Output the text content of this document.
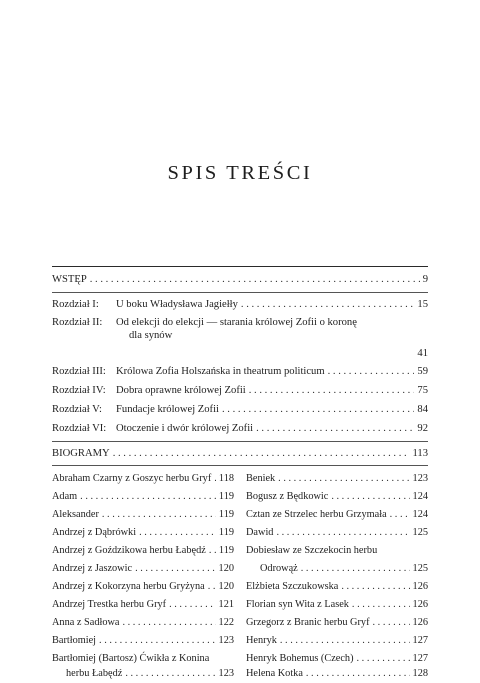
SPIS TREŚCI
WSTĘP . . .	9
Rozdział I:	U boku Władysława Jagiełły . . .	15
Rozdział II:	Od elekcji do elekcji — starania królowej Zofii o koronę
dla synów
41
Rozdział III: Królowa Zofia Holszańska in theatrum politicum . . .	59
Rozdział IV: Dobra oprawne królowej Zofii . . .	75
Rozdział V:	Fundacje królowej Zofii . . .	84
Rozdział VI: Otoczenie i dwór królowej Zofii . . .	92
BIOGRAMY . . .	113
Abraham Czarny z Goszyc herbu Gryf . . . 118
Adam . . .	119
Aleksander . . .	119
Andrzej z Dąbrówki . . .	119
Andrzej z Goździkowa herbu Łabędź . . . 119
Andrzej z Jaszowic . . .	120
Andrzej z Kokorzyna herbu Gryżyna . . . 120
Andrzej Trestka herbu Gryf . . .	121
Anna z Sadłowa . . .	122
Bartłomiej . . .	123
Bartłomiej (Bartosz) Ćwikła z Konina
herbu Łabędź . . .	123
Beniek . . .	123
Bogusz z Będkowic . . .	124
Cztan ze Strzelec herbu Grzymała . . .	124
Dawid . . .	125
Dobiesław ze Szczekocin herbu
Odrowąż . . .	125
Elżbieta Szczukowska . . .	126
Florian syn Wita z Lasek . . .	126
Grzegorz z Branic herbu Gryf . . .	126
Henryk . . .	127
Henryk Bohemus (Czech) . . .	127
Helena Kotka . . .	128
